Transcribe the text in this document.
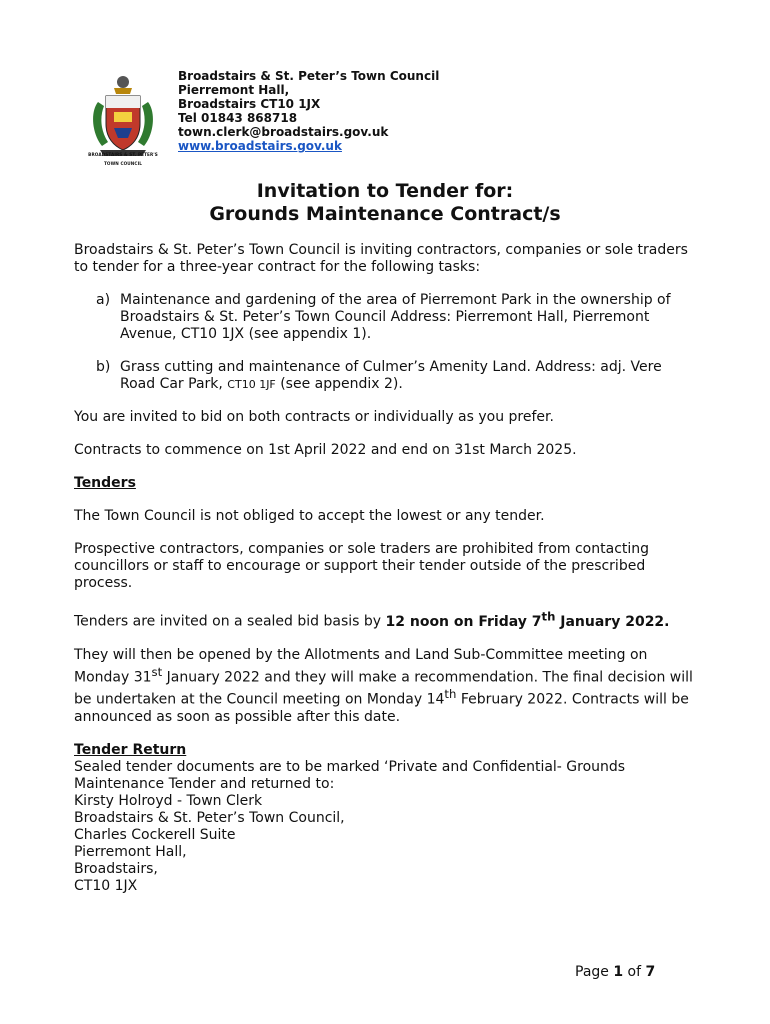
BROADSTAIRS & ST. PETER'S
TOWN COUNCIL
Broadstairs & St. Peter’s Town Council
Pierremont Hall,
Broadstairs CT10 1JX
Tel 01843 868718
town.clerk@broadstairs.gov.uk
www.broadstairs.gov.uk
Invitation to Tender for:
Grounds Maintenance Contract/s

Broadstairs & St. Peter’s Town Council is inviting contractors, companies or sole traders to tender for a three-year contract for the following tasks:

a) Maintenance and gardening of the area of Pierremont Park in the ownership of Broadstairs & St. Peter’s Town Council Address: Pierremont Hall, Pierremont Avenue, CT10 1JX (see appendix 1).
b) Grass cutting and maintenance of Culmer’s Amenity Land. Address: adj. Vere Road Car Park, CT10 1JF (see appendix 2).

You are invited to bid on both contracts or individually as you prefer.

Contracts to commence on 1st April 2022 and end on 31st March 2025.

Tenders

The Town Council is not obliged to accept the lowest or any tender.

Prospective contractors, companies or sole traders are prohibited from contacting councillors or staff to encourage or support their tender outside of the prescribed process.

Tenders are invited on a sealed bid basis by 12 noon on Friday 7th January 2022.

They will then be opened by the Allotments and Land Sub-Committee meeting on Monday 31st January 2022 and they will make a recommendation. The final decision will be undertaken at the Council meeting on Monday 14th February 2022. Contracts will be announced as soon as possible after this date.

Tender Return
Sealed tender documents are to be marked ‘Private and Confidential- Grounds Maintenance Tender and returned to:
Kirsty Holroyd - Town Clerk
Broadstairs & St. Peter’s Town Council,
Charles Cockerell Suite
Pierremont Hall,
Broadstairs,
CT10 1JX
Page 1 of 7
